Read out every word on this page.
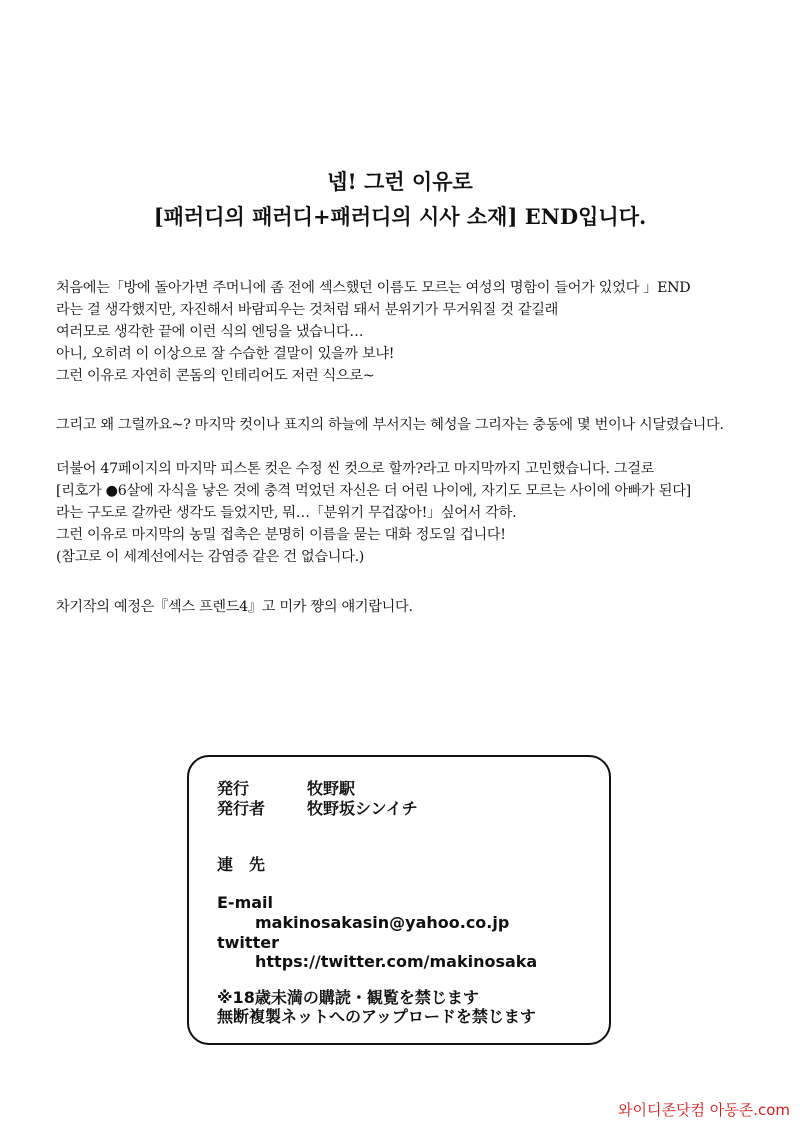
넵! 그런 이유로
[패러디의 패러디+패러디의 시사 소재] END입니다.
처음에는「방에 돌아가면 주머니에 좀 전에 섹스했던 이름도 모르는 여성의 명함이 들어가 있었다 」END
라는 걸 생각했지만, 자진해서 바람피우는 것처럼 돼서 분위기가 무거워질 것 같길래
여러모로 생각한 끝에 이런 식의 엔딩을 냈습니다…
아니, 오히려 이 이상으로 잘 수습한 결말이 있을까 보냐!
그런 이유로 자연히 콘돔의 인테리어도 저런 식으로~
그리고 왜 그럴까요~? 마지막 컷이나 표지의 하늘에 부서지는 혜성을 그리자는 충동에 몇 번이나 시달렸습니다.
더불어 47페이지의 마지막 피스톤 컷은 수정 씬 컷으로 할까?라고 마지막까지 고민했습니다. 그걸로
[리호가 ●6살에 자식을 낳은 것에 충격 먹었던 자신은 더 어린 나이에, 자기도 모르는 사이에 아빠가 된다]
라는 구도로 갈까란 생각도 들었지만, 뭐…「분위기 무겁잖아!」싶어서 각하.
그런 이유로 마지막의 농밀 접촉은 분명히 이름을 묻는 대화 정도일 겁니다!
(참고로 이 세계선에서는 감염증 같은 건 없습니다.)
차기작의 예정은『섹스 프렌드4』고 미카 쨩의 얘기랍니다.
発行	牧野駅
発行者	牧野坂シンイチ
連　先
E-mail
makinosakasin@yahoo.co.jp
twitter
https://twitter.com/makinosaka
※18歳未満の購読・観覧を禁じます
無断複製ネットへのアップロードを禁じます
와이디존닷컴 아동존.com
